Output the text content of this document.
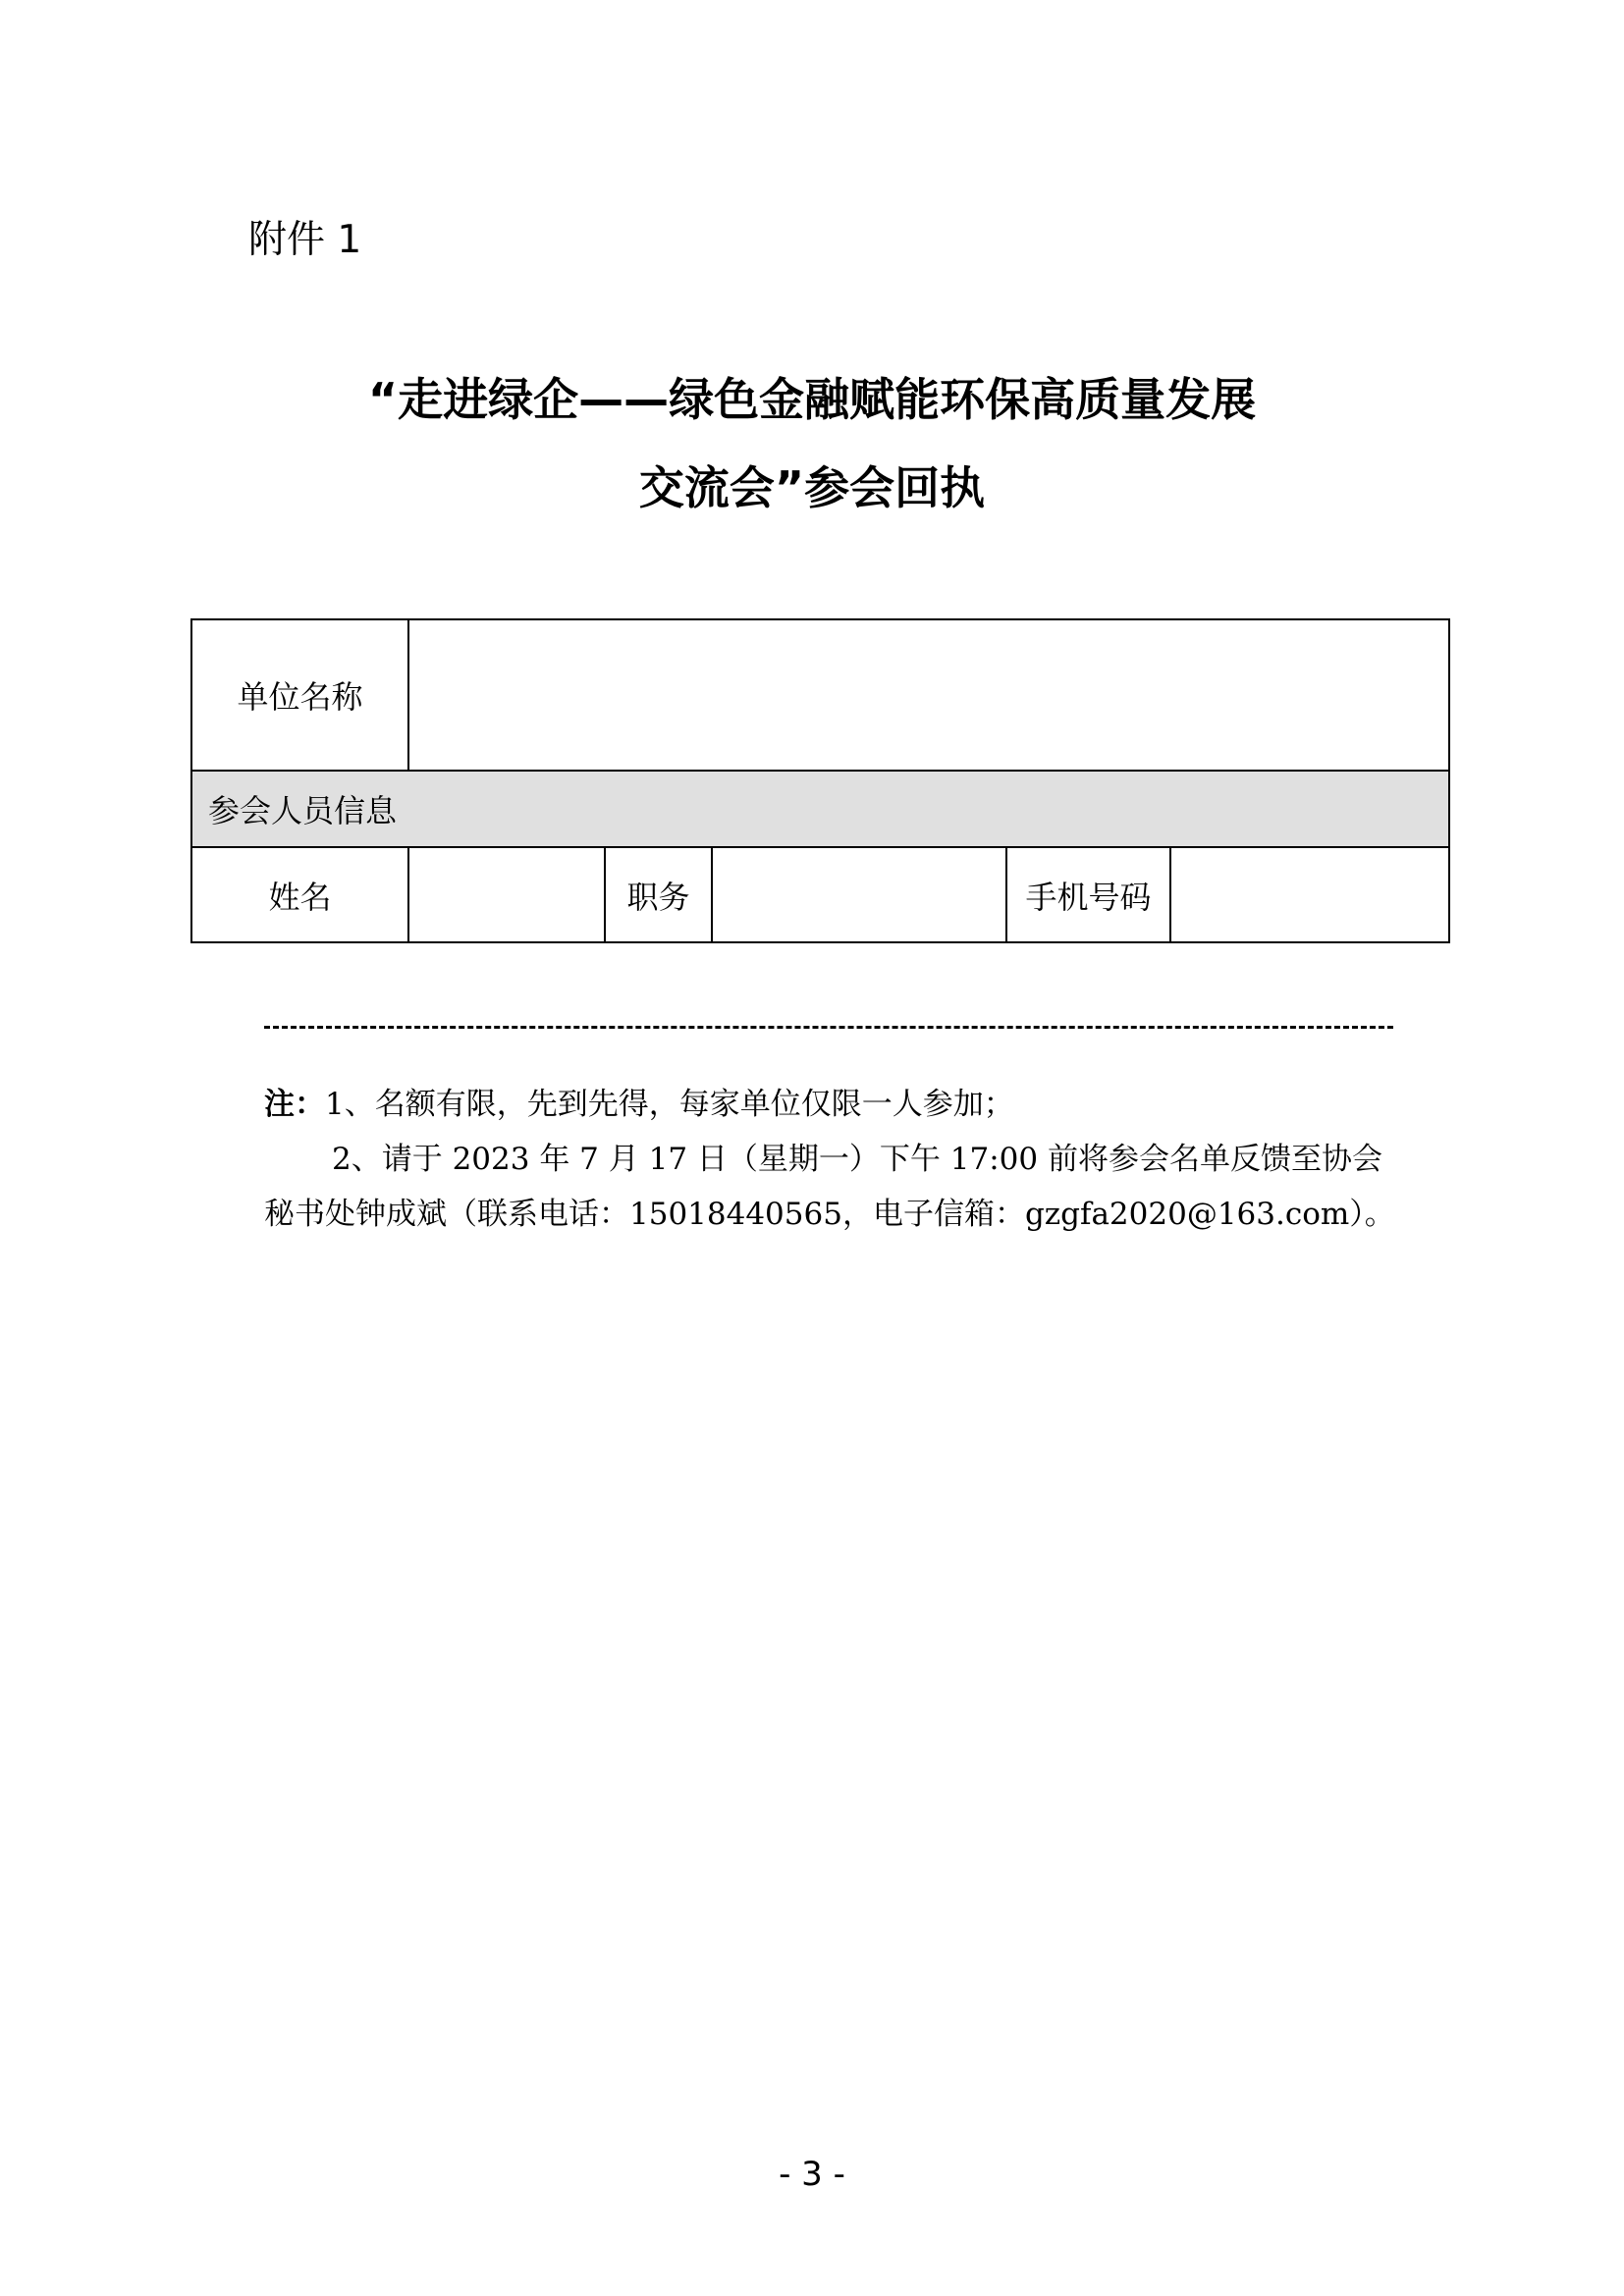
附件 1
“走进绿企——绿色金融赋能环保高质量发展
交流会”参会回执
单位名称					
参会人员信息					
姓名		职务		手机号码	

注：1、名额有限，先到先得，每家单位仅限一人参加；

2、请于 2023 年 7 月 17 日（星期一）下午 17:00 前将参会名单反馈至协会

秘书处钟成斌（联系电话：15018440565，电子信箱：gzgfa2020@163.com）。

- 3 -
